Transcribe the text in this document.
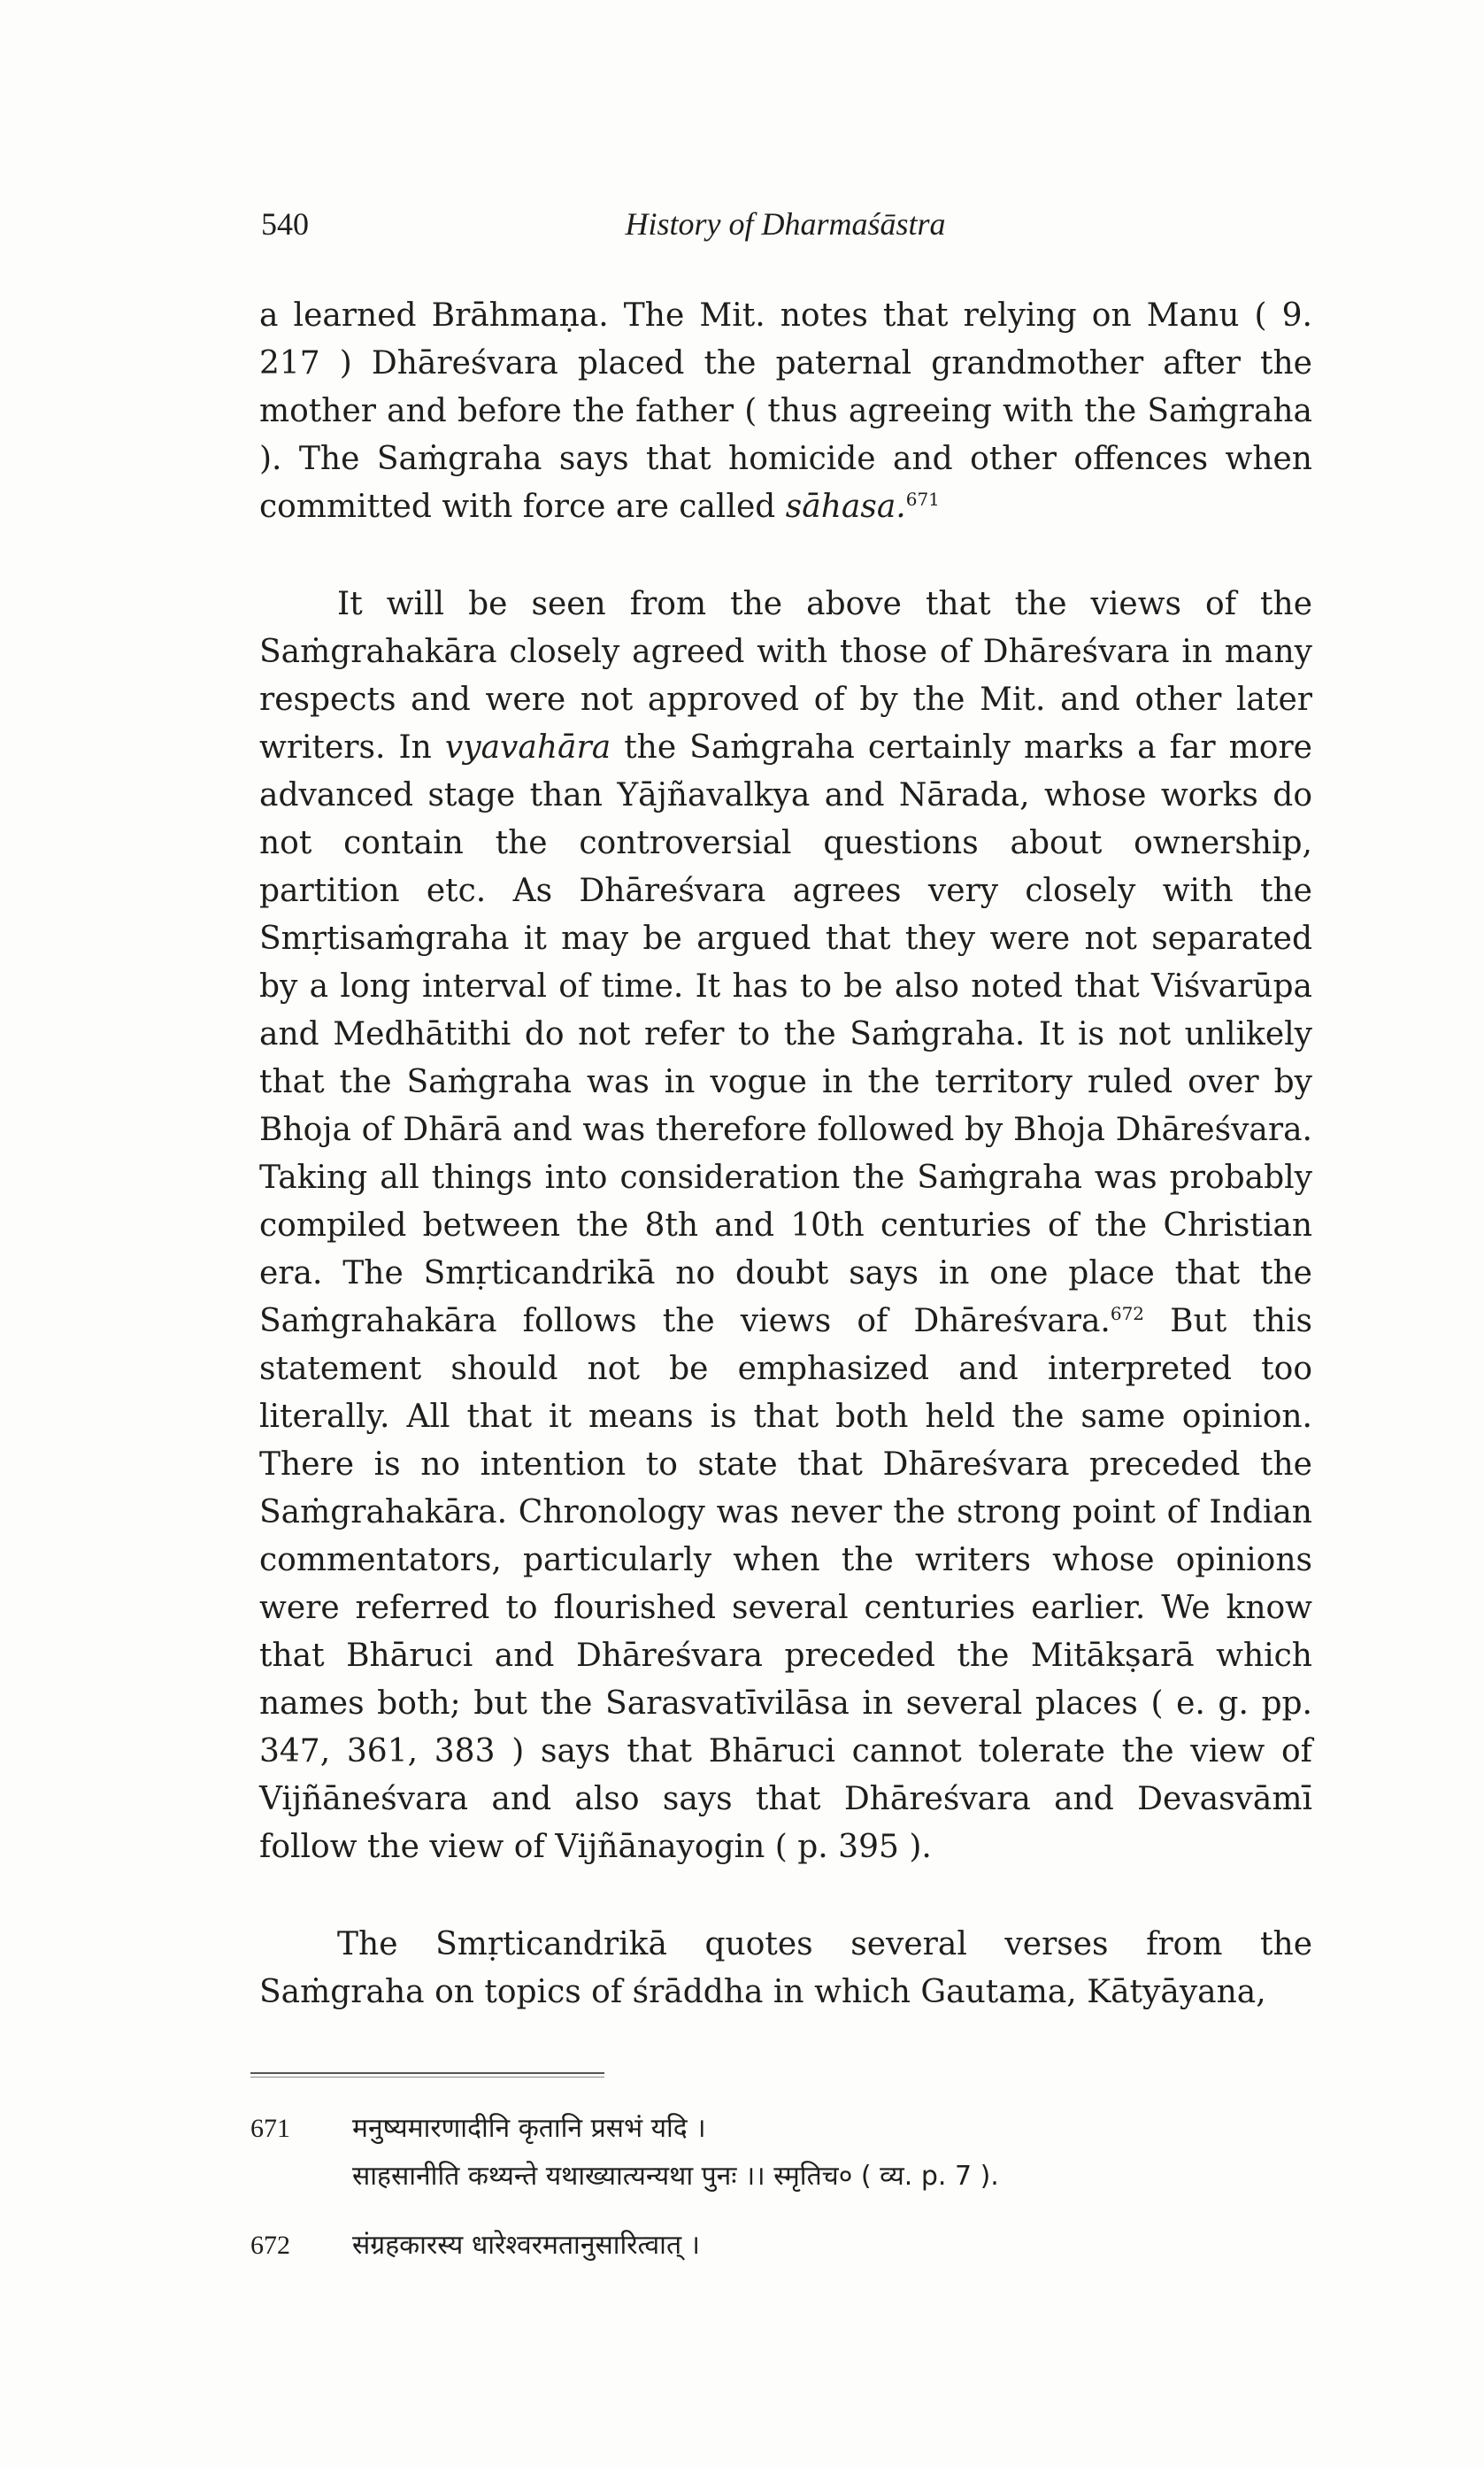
540	History of Dharmaśāstra

a learned Brāhmaṇa. The Mit. notes that relying on Manu ( 9. 217 ) Dhāreśvara placed the paternal grandmother after the mother and before the father ( thus agreeing with the Saṁgraha ). The Saṁgraha says that homicide and other offences when committed with force are called sāhasa.$^{671}$

It will be seen from the above that the views of the Saṁgrahakāra closely agreed with those of Dhāreśvara in many respects and were not approved of by the Mit. and other later writers. In vyavahāra the Saṁgraha certainly marks a far more advanced stage than Yājñavalkya and Nārada, whose works do not contain the controversial questions about ownership, partition etc. As Dhāreśvara agrees very closely with the Smṛtisaṁgraha it may be argued that they were not separated by a long interval of time. It has to be also noted that Viśvarūpa and Medhātithi do not refer to the Saṁgraha. It is not unlikely that the Saṁgraha was in vogue in the territory ruled over by Bhoja of Dhārā and was therefore followed by Bhoja Dhāreśvara. Taking all things into consideration the Saṁgraha was probably compiled between the 8th and 10th centuries of the Christian era. The Smṛticandrikā no doubt says in one place that the Saṁgrahakāra follows the views of Dhāreśvara.$^{672}$ But this statement should not be emphasized and interpreted too literally. All that it means is that both held the same opinion. There is no intention to state that Dhāreśvara preceded the Saṁgrahakāra. Chronology was never the strong point of Indian commentators, particularly when the writers whose opinions were referred to flourished several centuries earlier. We know that Bhāruci and Dhāreśvara preceded the Mitākṣarā which names both; but the Sarasvatīvilāsa in several places ( e. g. pp. 347, 361, 383 ) says that Bhāruci cannot tolerate the view of Vijñāneśvara and also says that Dhāreśvara and Devasvāmī follow the view of Vijñānayogin ( p. 395 ).

The Smṛticandrikā quotes several verses from the Saṁgraha on topics of śrāddha in which Gautama, Kātyāyana,

671	मनुष्यमारणादीनि कृतानि प्रसभं यदि ।
साहसानीति कथ्यन्ते यथाख्यात्यन्यथा पुनः ।। स्मृतिच० ( व्य. p. 7 ).
672	संग्रहकारस्य धारेश्वरमतानुसारित्वात् ।
